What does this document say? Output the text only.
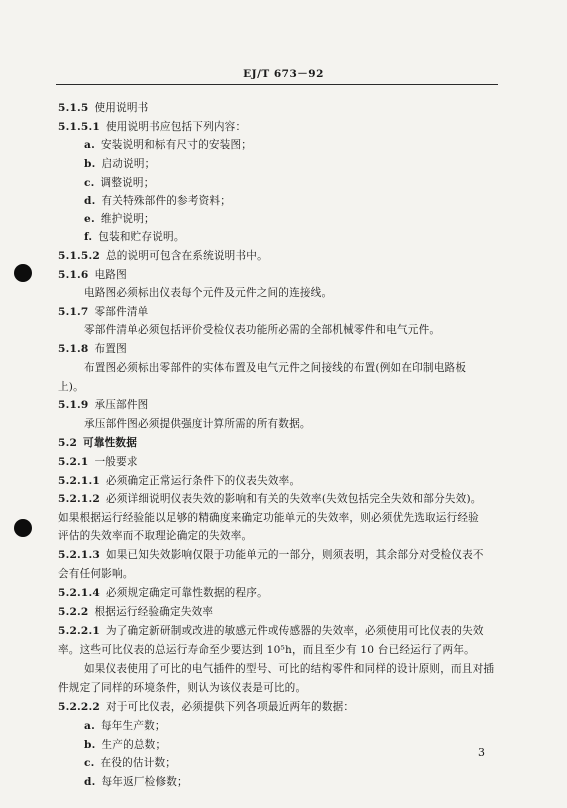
EJ/T 673－92
5.1.5 使用说明书
5.1.5.1 使用说明书应包括下列内容：
a. 安装说明和标有尺寸的安装图；
b. 启动说明；
c. 调整说明；
d. 有关特殊部件的参考资料；
e. 维护说明；
f. 包装和贮存说明。
5.1.5.2 总的说明可包含在系统说明书中。
5.1.6 电路图
电路图必须标出仪表每个元件及元件之间的连接线。
5.1.7 零部件清单
零部件清单必须包括评价受检仪表功能所必需的全部机械零件和电气元件。
5.1.8 布置图
布置图必须标出零部件的实体布置及电气元件之间接线的布置(例如在印制电路板
上)。
5.1.9 承压部件图
承压部件图必须提供强度计算所需的所有数据。
5.2 可靠性数据
5.2.1 一般要求
5.2.1.1 必须确定正常运行条件下的仪表失效率。
5.2.1.2 必须详细说明仪表失效的影响和有关的失效率(失效包括完全失效和部分失效)。
如果根据运行经验能以足够的精确度来确定功能单元的失效率，则必须优先选取运行经验
评估的失效率而不取理论确定的失效率。
5.2.1.3 如果已知失效影响仅限于功能单元的一部分，则须表明，其余部分对受检仪表不
会有任何影响。
5.2.1.4 必须规定确定可靠性数据的程序。
5.2.2 根据运行经验确定失效率
5.2.2.1 为了确定新研制或改进的敏感元件或传感器的失效率，必须使用可比仪表的失效
率。这些可比仪表的总运行寿命至少要达到 10⁵h，而且至少有 10 台已经运行了两年。
如果仪表使用了可比的电气插件的型号、可比的结构零件和同样的设计原则，而且对插
件规定了同样的环境条件，则认为该仪表是可比的。
5.2.2.2 对于可比仪表，必须提供下列各项最近两年的数据：
a. 每年生产数；
b. 生产的总数；
c. 在役的估计数；
d. 每年返厂检修数；
3
